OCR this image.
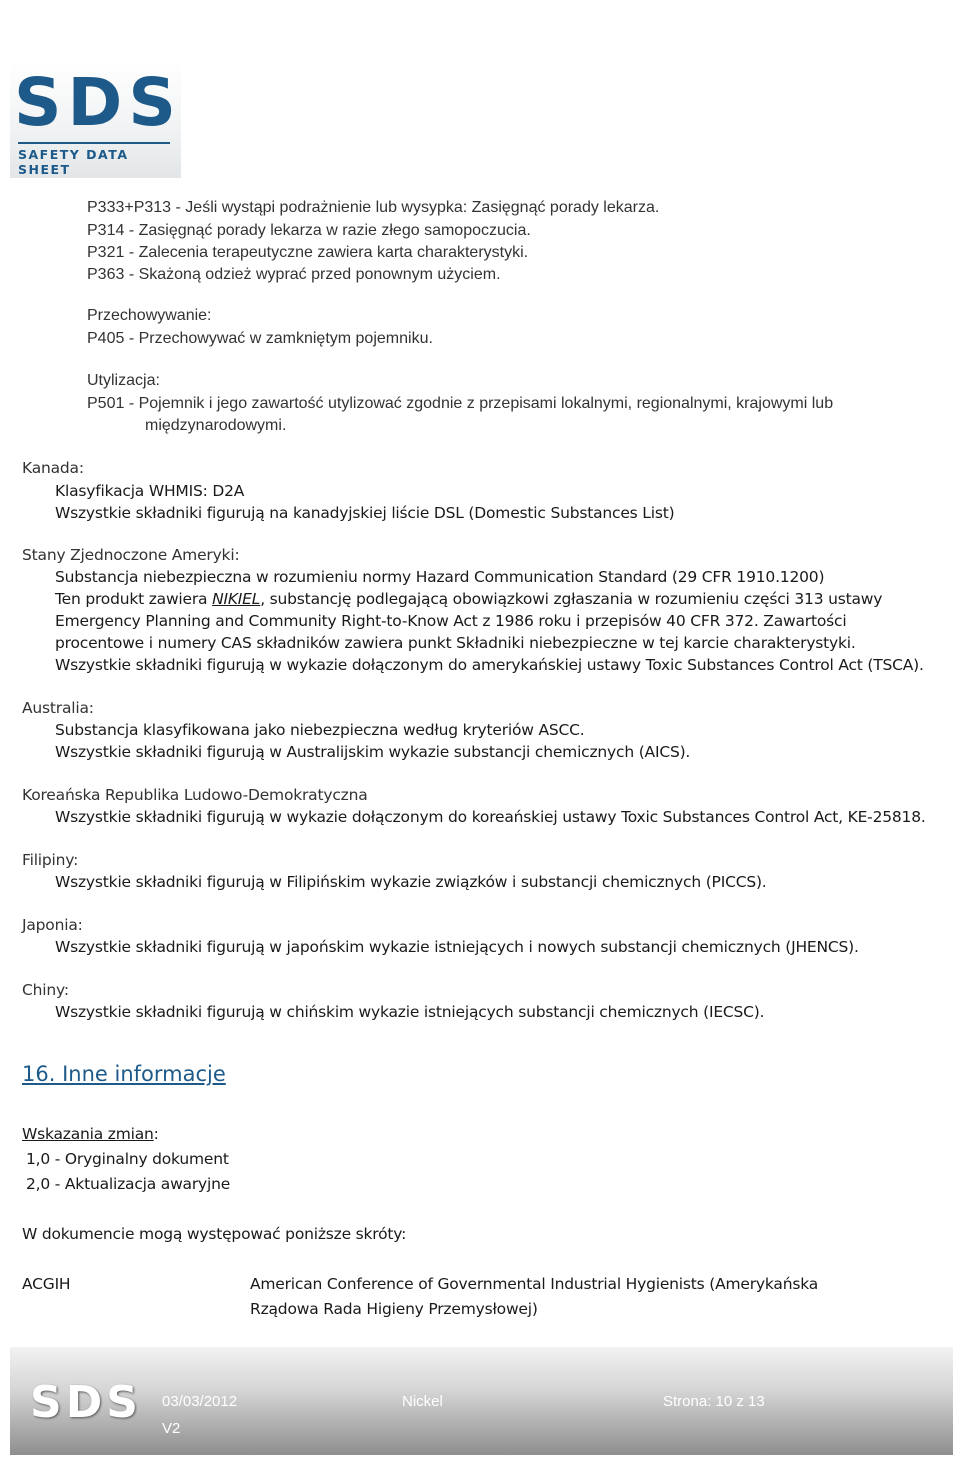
SDS
SAFETY DATA SHEET
P333+P313 - Jeśli wystąpi podrażnienie lub wysypka: Zasięgnąć porady lekarza.
P314 - Zasięgnąć porady lekarza w razie złego samopoczucia.
P321 - Zalecenia terapeutyczne zawiera karta charakterystyki.
P363 - Skażoną odzież wyprać przed ponownym użyciem.
Przechowywanie:
P405 - Przechowywać w zamkniętym pojemniku.
Utylizacja:
P501 - Pojemnik i jego zawartość utylizować zgodnie z przepisami lokalnymi, regionalnymi, krajowymi lub
międzynarodowymi.
Kanada:
Klasyfikacja WHMIS: D2A
Wszystkie składniki figurują na kanadyjskiej liście DSL (Domestic Substances List)
Stany Zjednoczone Ameryki:
Substancja niebezpieczna w rozumieniu normy Hazard Communication Standard (29 CFR 1910.1200)
Ten produkt zawiera NIKIEL, substancję podlegającą obowiązkowi zgłaszania w rozumieniu części 313 ustawy
Emergency Planning and Community Right-to-Know Act z 1986 roku i przepisów 40 CFR 372. Zawartości
procentowe i numery CAS składników zawiera punkt Składniki niebezpieczne w tej karcie charakterystyki.
Wszystkie składniki figurują w wykazie dołączonym do amerykańskiej ustawy Toxic Substances Control Act (TSCA).
Australia:
Substancja klasyfikowana jako niebezpieczna według kryteriów ASCC.
Wszystkie składniki figurują w Australijskim wykazie substancji chemicznych (AICS).
Koreańska Republika Ludowo-Demokratyczna
Wszystkie składniki figurują w wykazie dołączonym do koreańskiej ustawy Toxic Substances Control Act, KE-25818.
Filipiny:
Wszystkie składniki figurują w Filipińskim wykazie związków i substancji chemicznych (PICCS).
Japonia:
Wszystkie składniki figurują w japońskim wykazie istniejących i nowych substancji chemicznych (JHENCS).
Chiny:
Wszystkie składniki figurują w chińskim wykazie istniejących substancji chemicznych (IECSC).
16. Inne informacje
Wskazania zmian:
1,0 - Oryginalny dokument
2,0 - Aktualizacja awaryjne
W dokumencie mogą występować poniższe skróty:
ACGIH	American Conference of Governmental Industrial Hygienists (Amerykańska
Rządowa Rada Higieny Przemysłowej)
SDS 03/03/2012
V2
Nickel	Strona: 10 z 13
